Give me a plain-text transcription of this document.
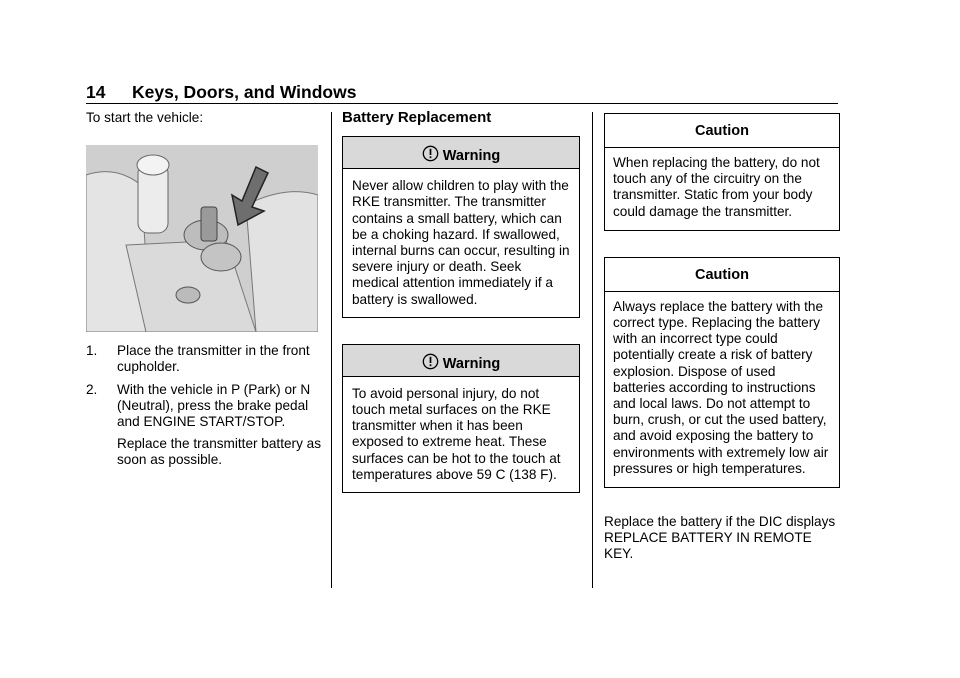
14 Keys, Doors, and Windows
To start the vehicle:
1. Place the transmitter in the front cupholder.
2. With the vehicle in P (Park) or N (Neutral), press the brake pedal and ENGINE START/STOP.
Replace the transmitter battery as soon as possible.
Battery Replacement
Warning
Never allow children to play with the RKE transmitter. The transmitter contains a small battery, which can be a choking hazard. If swallowed, internal burns can occur, resulting in severe injury or death. Seek medical attention immediately if a battery is swallowed.
Warning
To avoid personal injury, do not touch metal surfaces on the RKE transmitter when it has been exposed to extreme heat. These surfaces can be hot to the touch at temperatures above 59 C (138 F).
Caution
When replacing the battery, do not touch any of the circuitry on the transmitter. Static from your body could damage the transmitter.
Caution
Always replace the battery with the correct type. Replacing the battery with an incorrect type could potentially create a risk of battery explosion. Dispose of used batteries according to instructions and local laws. Do not attempt to burn, crush, or cut the used battery, and avoid exposing the battery to environments with extremely low air pressures or high temperatures.
Replace the battery if the DIC displays REPLACE BATTERY IN REMOTE KEY.
